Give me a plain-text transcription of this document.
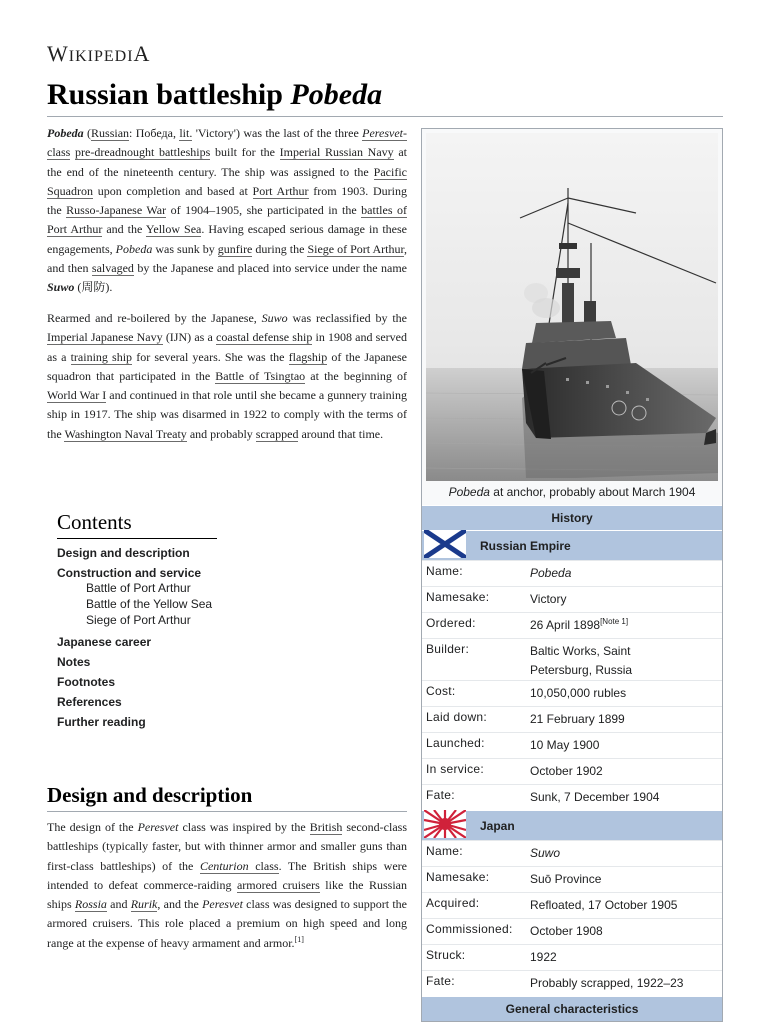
WIKIPEDIA
Russian battleship Pobeda

Pobeda (Russian: Победа, lit. 'Victory') was the last of the three Peresvet-class pre-dreadnought battleships built for the Imperial Russian Navy at the end of the nineteenth century. The ship was assigned to the Pacific Squadron upon completion and based at Port Arthur from 1903. During the Russo-Japanese War of 1904–1905, she participated in the battles of Port Arthur and the Yellow Sea. Having escaped serious damage in these engagements, Pobeda was sunk by gunfire during the Siege of Port Arthur, and then salvaged by the Japanese and placed into service under the name Suwo (周防).

Rearmed and re-boilered by the Japanese, Suwo was reclassified by the Imperial Japanese Navy (IJN) as a coastal defense ship in 1908 and served as a training ship for several years. She was the flagship of the Japanese squadron that participated in the Battle of Tsingtao at the beginning of World War I and continued in that role until she became a gunnery training ship in 1917. The ship was disarmed in 1922 to comply with the terms of the Washington Naval Treaty and probably scrapped around that time.

Contents
Design and description
Construction and service
Battle of Port Arthur
Battle of the Yellow Sea
Siege of Port Arthur
Japanese career
Notes
Footnotes
References
Further reading
Design and description

The design of the Peresvet class was inspired by the British second-class battleships (typically faster, but with thinner armor and smaller guns than first-class battleships) of the Centurion class. The British ships were intended to defeat commerce-raiding armored cruisers like the Russian ships Rossia and Rurik, and the Peresvet class was designed to support the armored cruisers. This role placed a premium on high speed and long range at the expense of heavy armament and armor.[1]

Pobeda at anchor, probably about March 1904
History
Russian Empire
Name:	Pobeda
Namesake:	Victory
Ordered:	26 April 1898[Note 1]
Builder:	Baltic Works, Saint
Petersburg, Russia
Cost:	10,050,000 rubles
Laid down:	21 February 1899
Launched:	10 May 1900
In service:	October 1902
Fate:	Sunk, 7 December 1904
Japan
Name:	Suwo
Namesake:	Suō Province
Acquired:	Refloated, 17 October 1905
Commissioned:	October 1908
Struck:	1922
Fate:	Probably scrapped, 1922–23
General characteristics
